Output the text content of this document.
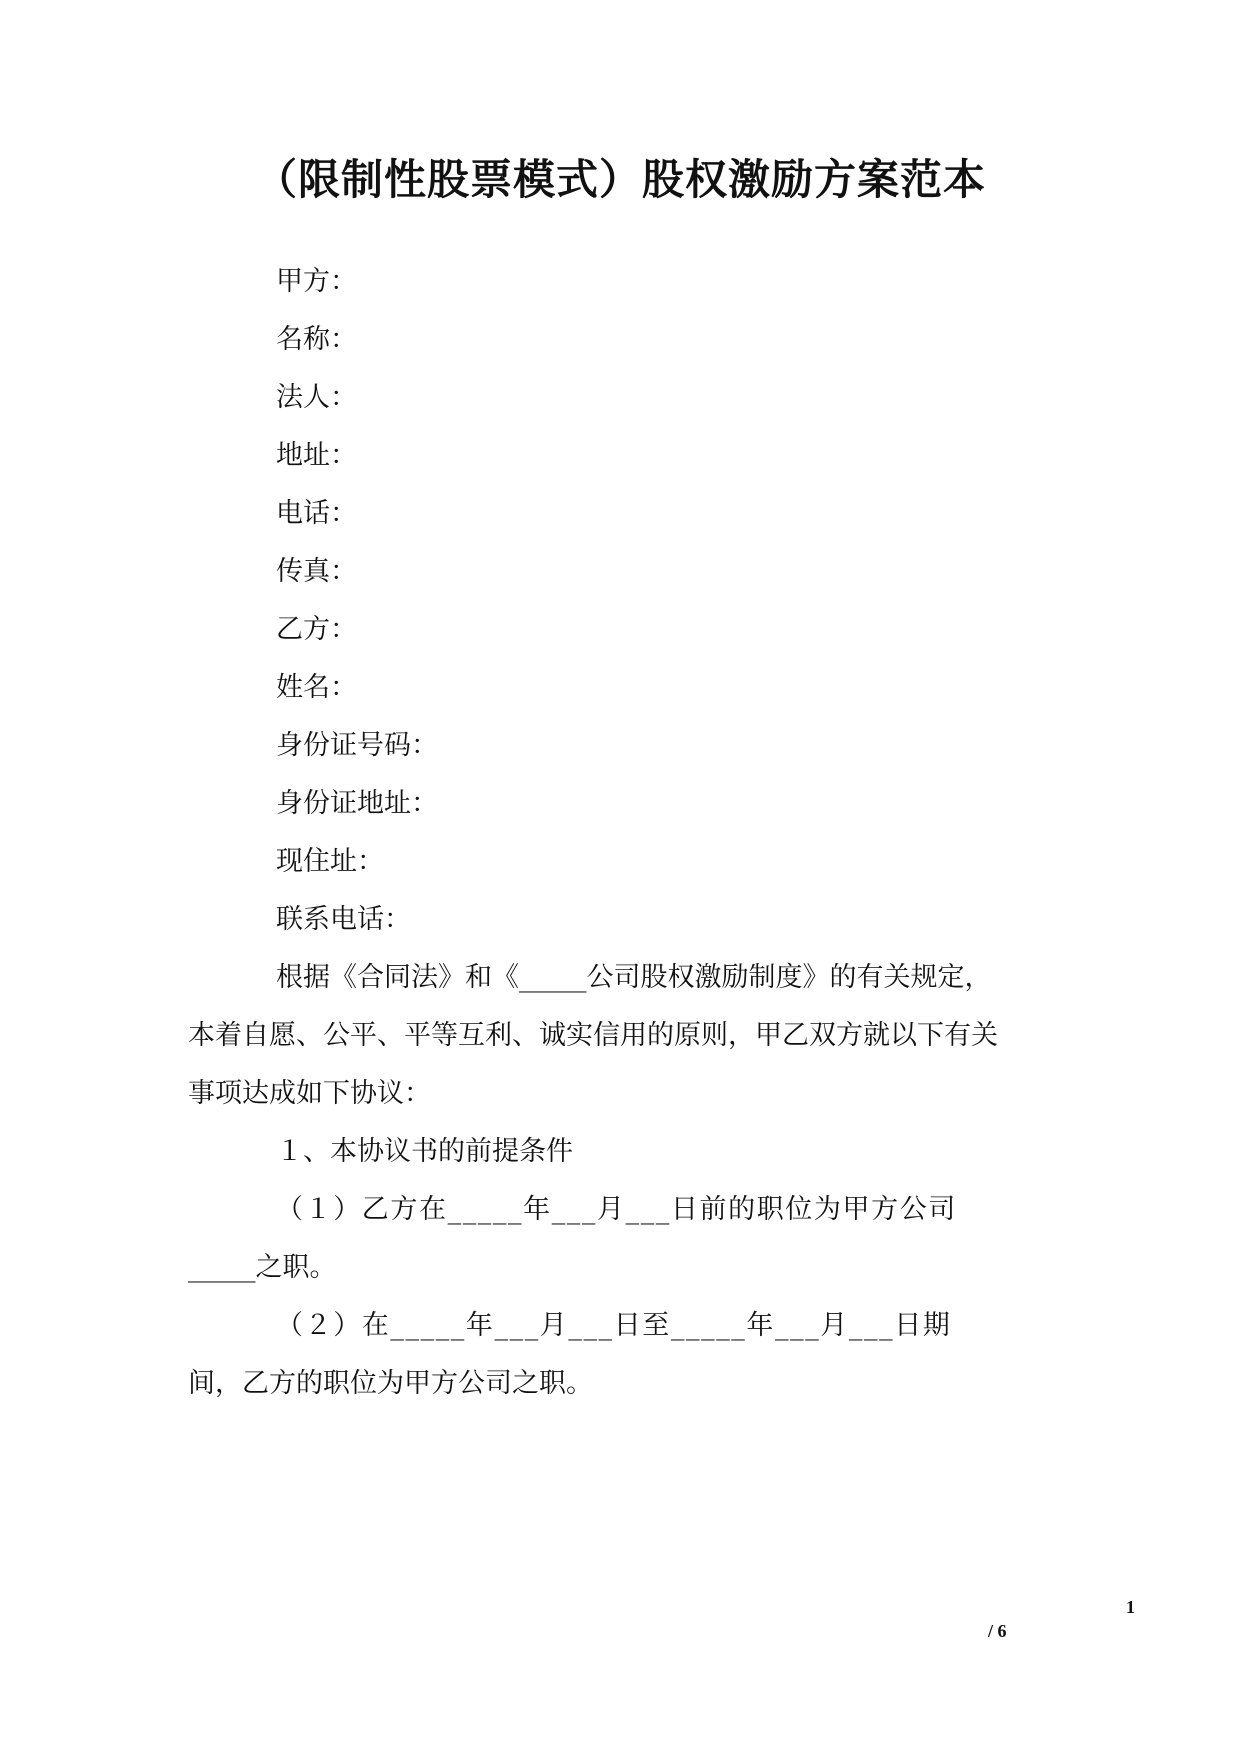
（限制性股票模式）股权激励方案范本
甲方：
名称：
法人：
地址：
电话：
传真：
乙方：
姓名：
身份证号码：
身份证地址：
现住址：
联系电话：
根据《合同法》和《_____公司股权激励制度》的有关规定，
本着自愿、公平、平等互利、诚实信用的原则，甲乙双方就以下有关
事项达成如下协议：
１、本协议书的前提条件
（１）乙方在_____年___月___日前的职位为甲方公司
_____之职。
（２）在_____年___月___日至_____年___月___日期
间，乙方的职位为甲方公司之职。
1
/ 6
